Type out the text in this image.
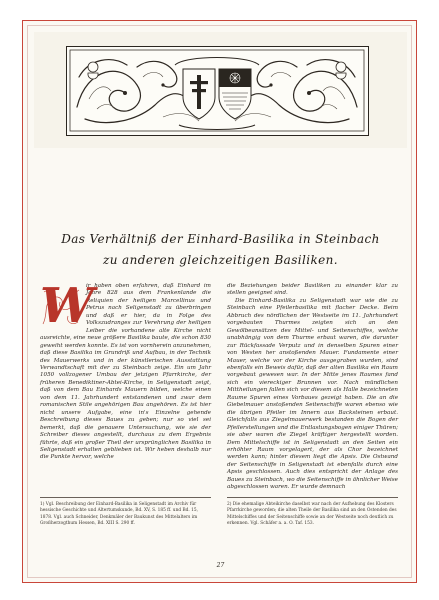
Das Verhältniß der Einhard-Basilika in Steinbach

zu anderen gleichzeitigen Basiliken.

W

ir haben oben erfahren, daß Einhard im Jahre 828 aus dem Frankenlande die Reliquien der heiligen Marcellinus und Petrus nach Seligenstadt zu überbringen und daß er hier, da in Folge des Volkszudranges zur Verehrung der heiligen Leiber die vorhandene alte Kirche nicht ausreichte, eine neue größere Basilika baute, die schon 830 geweiht werden konnte. Es ist von vornherein anzunehmen, daß diese Basilika im Grundriß und Aufbau, in der Technik des Mauerwerks und in der künstlerischen Ausstattung Verwandtschaft mit der zu Steinbach zeige. Ein um Jahr 1050 vollzogener Umbau der jetzigen Pfarrkirche, der früheren Benediktiner-Abtei-Kirche, in Seligenstadt zeigt, daß von dem Bau Einhards Mauern bilden, welche einen von dem 11. Jahrhundert entstandenen und zwar dem romanischen Stile angehörigen Bau angehören. Es ist hier nicht unsere Aufgabe, eine in's Einzelne gehende Beschreibung dieses Baues zu geben; nur so viel sei bemerkt, daß die genauere Untersuchung, wie sie der Schreiber dieses angestellt, durchaus zu dem Ergebnis führte, daß ein großer Theil der ursprünglichen Basilika in Seligenstadt erhalten geblieben ist. Wir heben deshalb nur die Punkte hervor, welche

die Beziehungen beider Basiliken zu einander klar zu stellen geeignet sind.

Die Einhard-Basilika zu Seligenstadt war wie die zu Steinbach eine Pfeilerbasilika mit flacher Decke. Beim Abbruch des nördlichen der Westseite im 11. Jahrhundert vorgebauten Thurmes zeigten sich an den Gewölbeansätzen des Mittel- und Seitenschiffes, welche unabhängig von dem Thurme erbaut waren, die darunter zur Rückfassade Verputz und in denselben Spuren einer von Westen her anstoßenden Mauer. Fundamente einer Mauer, welche vor der Kirche ausgegraben wurden, sind ebenfalls ein Beweis dafür, daß der alten Basilika ein Raum vorgebaut gewesen war. In der Mitte jenes Raumes fand sich ein viereckiger Brunnen vor. Nach mündlichen Mittheilungen fallen sich vor diesem als Halle bezeichneten Raume Spuren eines Vorbaues gezeigt haben. Die an die Giebelmauer anstoßenden Seitenschiffe waren ebenso wie die übrigen Pfeiler im Innern aus Backsteinen erbaut. Gleichfalls aus Ziegelmauerwerk bestanden die Bogen der Pfeilerstellungen und die Entlastungsbogen einiger Thüren; sie aber waren die Ziegel kräftiger hergestellt worden. Dem Mittelschiffe ist in Seligenstadt an den Seiten ein erhöhter Raum vorgelagert, der als Chor bezeichnet werden kann; hinter diesem liegt die Apsis. Die Ostwand der Seitenschiffe in Seligenstadt ist ebenfalls durch eine Apsis geschlossen. Auch dies entspricht der Anlage des Baues zu Steinbach, wo die Seitenschiffe in ähnlicher Weise abgeschlossen waren. Er wurde demnach

1) Vgl. Beschreibung der Einhard-Basilika in Seligenstadt im Archiv für hessische Geschichte und Altertumskunde, Bd. XV, S. 185 ff. und Bd. 15, 1878. Vgl. auch Schneider, Denkmäler der Baukunst des Mittelalters im Großherzogthum Hessen, Bd. XIII S. 290 ff.

2) Die ehemalige Abteikirche daselbst war nach der Aufhebung des Klosters Pfarrkirche geworden; die alten Theile der Basilika sind an den Ostenden des Mittelschiffes und der Seitenschiffe sowie an der Westseite noch deutlich zu erkennen. Vgl. Schäfer a. a. O. Taf. 153.

27
